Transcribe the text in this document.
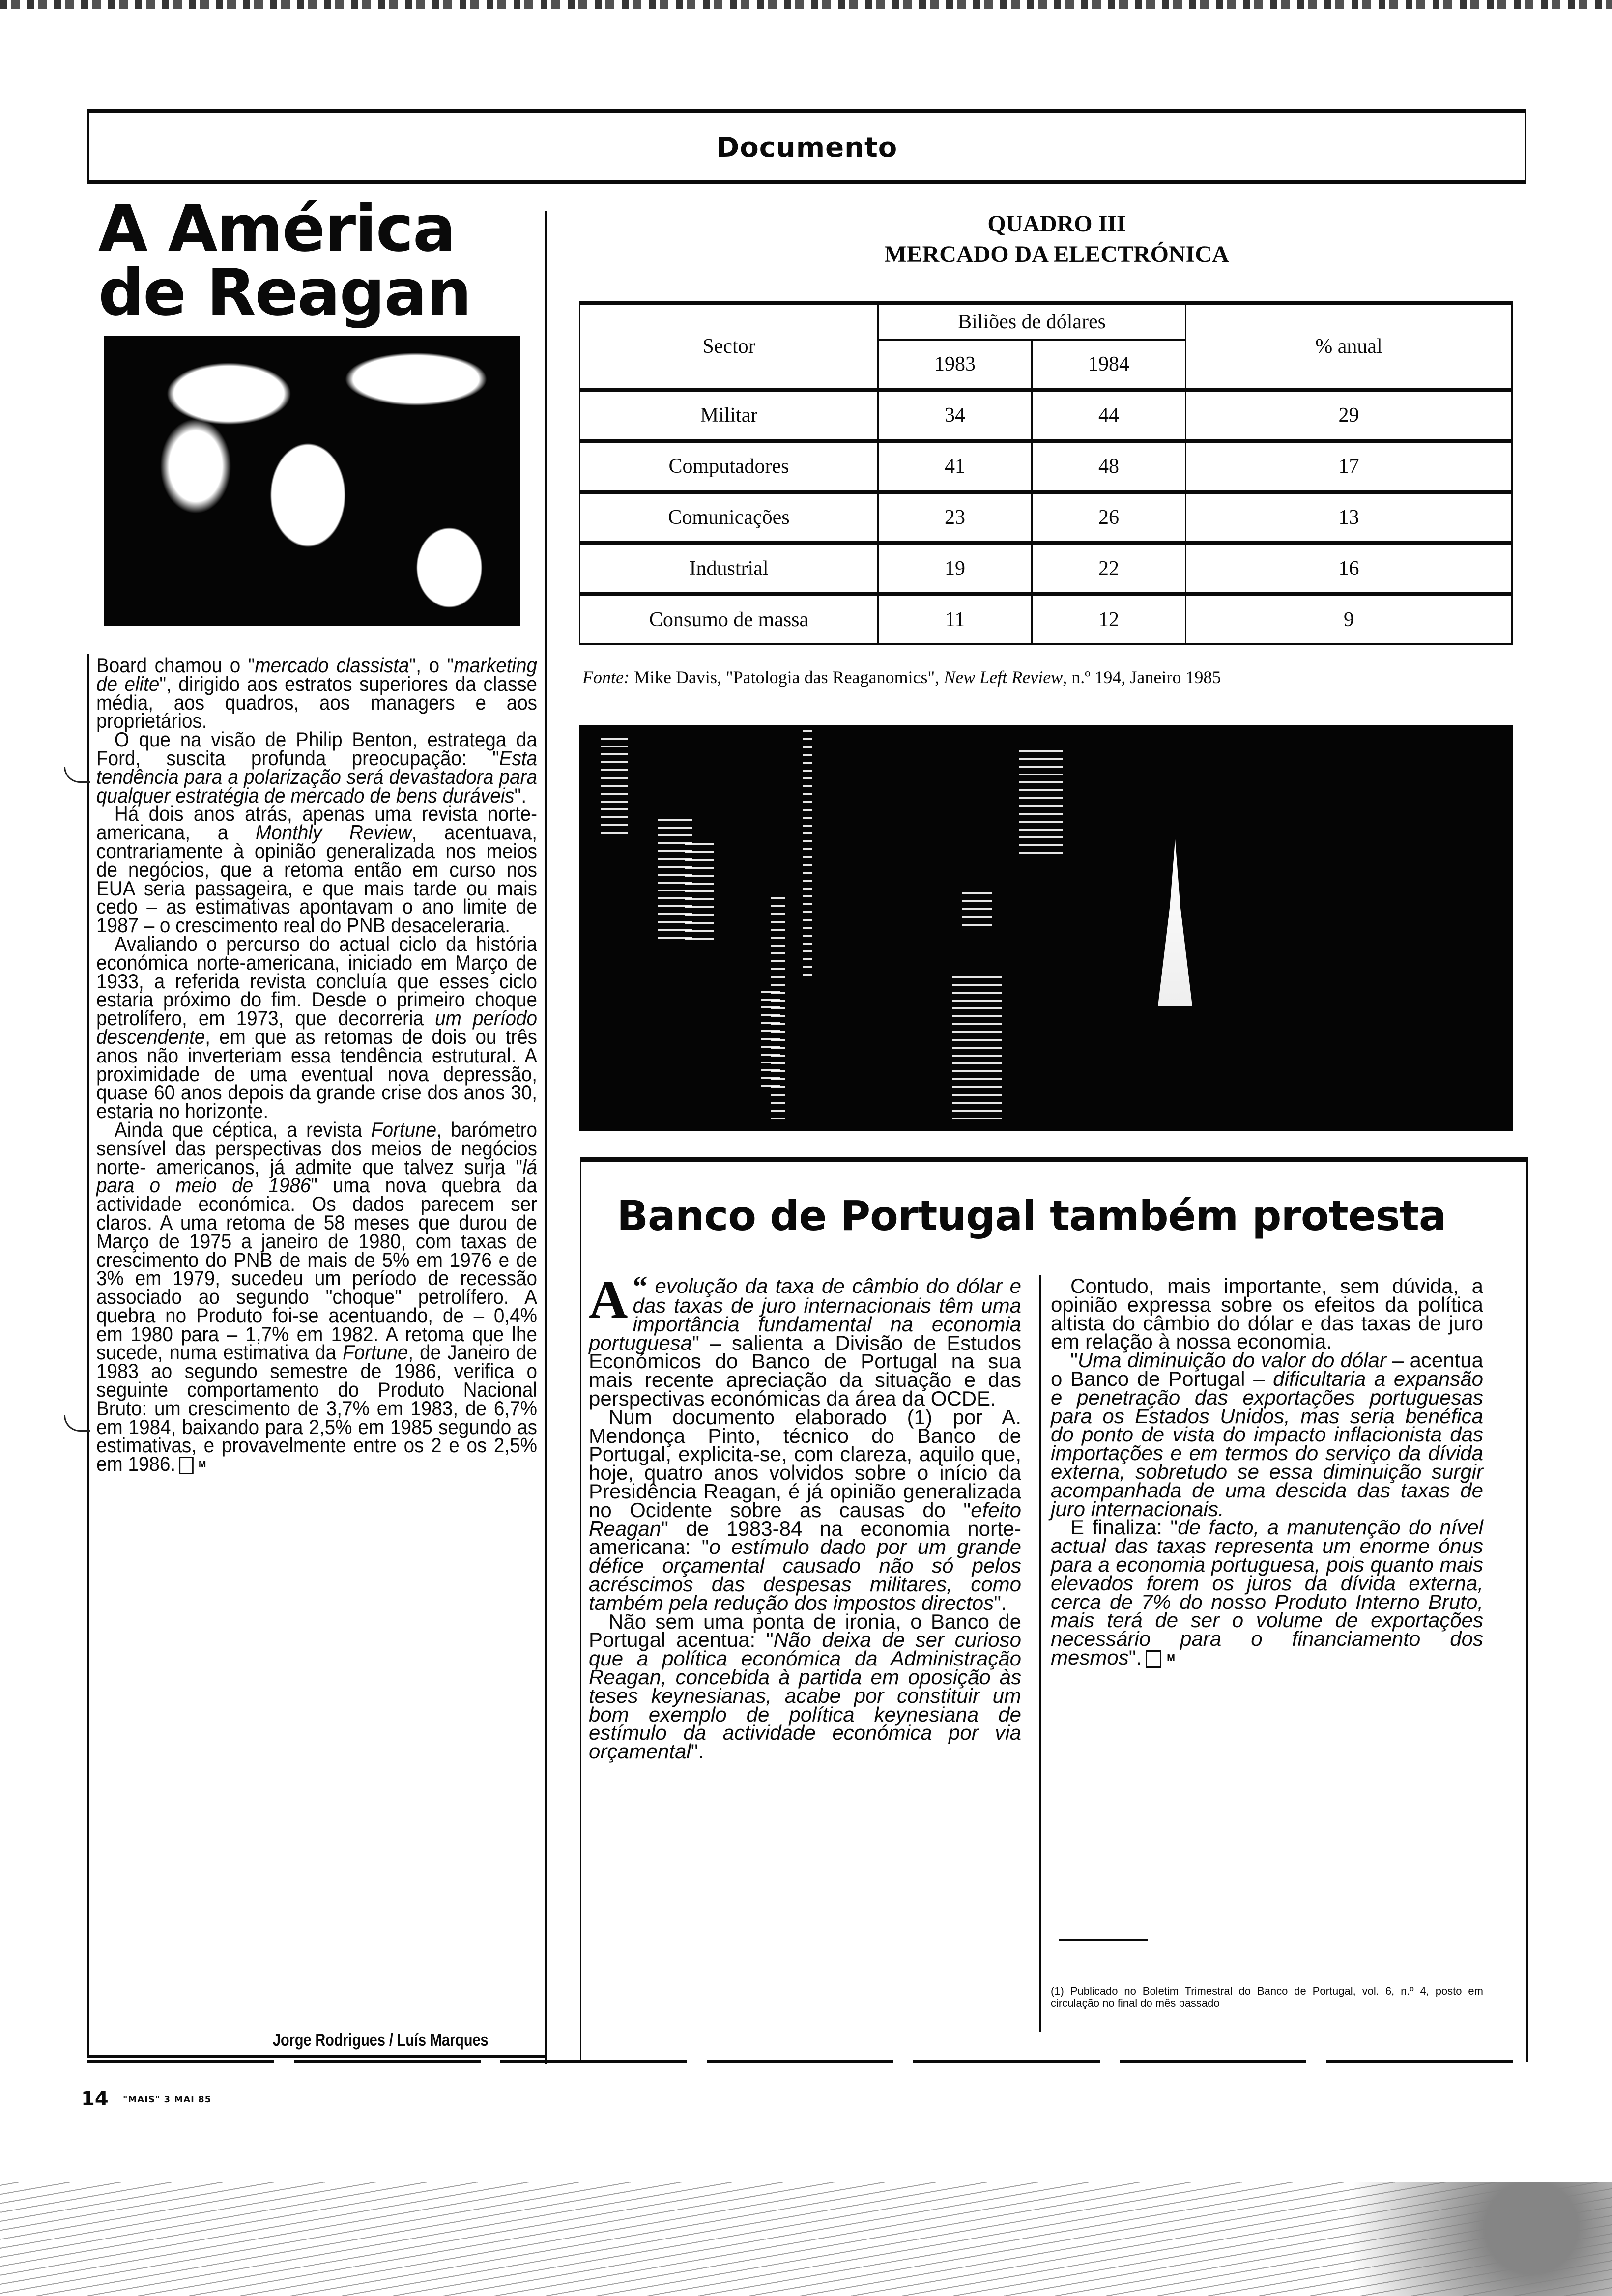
Documento
A América
de Reagan

Board chamou o "mercado classista", o "marketing de elite", dirigido aos estratos superiores da classe média, aos quadros, aos managers e aos proprietários.

O que na visão de Philip Benton, estratega da Ford, suscita profunda preocupação: "Esta tendência para a polarização será devastadora para qualquer estratégia de mercado de bens duráveis".

Há dois anos atrás, apenas uma revista norte-americana, a Monthly Review, acentuava, contrariamente à opinião generalizada nos meios de negócios, que a retoma então em curso nos EUA seria passageira, e que mais tarde ou mais cedo – as estimativas apontavam o ano limite de 1987 – o crescimento real do PNB desaceleraria.

Avaliando o percurso do actual ciclo da história económica norte-americana, iniciado em Março de 1933, a referida revista concluía que esses ciclo estaria próximo do fim. Desde o primeiro choque petrolífero, em 1973, que decorreria um período descendente, em que as retomas de dois ou três anos não inverteriam essa tendência estrutural. A proximidade de uma eventual nova depressão, quase 60 anos depois da grande crise dos anos 30, estaria no horizonte.

Ainda que céptica, a revista Fortune, barómetro sensível das perspectivas dos meios de negócios norte- americanos, já admite que talvez surja "lá para o meio de 1986" uma nova quebra da actividade económica. Os dados parecem ser claros. A uma retoma de 58 meses que durou de Março de 1975 a janeiro de 1980, com taxas de crescimento do PNB de mais de 5% em 1976 e de 3% em 1979, sucedeu um período de recessão associado ao segundo "choque" petrolífero. A quebra no Produto foi-se acentuando, de – 0,4% em 1980 para – 1,7% em 1982. A retoma que lhe sucede, numa estimativa da Fortune, de Janeiro de 1983 ao segundo semestre de 1986, verifica o seguinte comportamento do Produto Nacional Bruto: um crescimento de 3,7% em 1983, de 6,7% em 1984, baixando para 2,5% em 1985 segundo as estimativas, e provavelmente entre os 2 e os 2,5% em 1986. M

Jorge Rodrigues / Luís Marques
QUADRO III
MERCADO DA ELECTRÓNICA
Sector	Biliões de dólares		% anual
	1983	1984	
Militar	34	44	29
Computadores	41	48	17
Comunicações	23	26	13
Industrial	19	22	16
Consumo de massa	11	12	9
Fonte: Mike Davis, "Patologia das Reaganomics", New Left Review, n.º 194, Janeiro 1985
Banco de Portugal também protesta

“
A evolução da taxa de câmbio do dólar e das taxas de juro internacionais têm uma importância fundamental na economia portuguesa" – salienta a Divisão de Estudos Económicos do Banco de Portugal na sua mais recente apreciação da situação e das perspectivas económicas da área da OCDE.

Num documento elaborado (1) por A. Mendonça Pinto, técnico do Banco de Portugal, explicita-se, com clareza, aquilo que, hoje, quatro anos volvidos sobre o início da Presidência Reagan, é já opinião generalizada no Ocidente sobre as causas do "efeito Reagan" de 1983-84 na economia norte-americana: "o estímulo dado por um grande défice orçamental causado não só pelos acréscimos das despesas militares, como também pela redução dos impostos directos".

Não sem uma ponta de ironia, o Banco de Portugal acentua: "Não deixa de ser curioso que a política económica da Administração Reagan, concebida à partida em oposição às teses keynesianas, acabe por constituir um bom exemplo de política keynesiana de estímulo da actividade económica por via orçamental".

Contudo, mais importante, sem dúvida, a opinião expressa sobre os efeitos da política altista do câmbio do dólar e das taxas de juro em relação à nossa economia.

"Uma diminuição do valor do dólar – acentua o Banco de Portugal – dificultaria a expansão e penetração das exportações portuguesas para os Estados Unidos, mas seria benéfica do ponto de vista do impacto inflacionista das importações e em termos do serviço da dívida externa, sobretudo se essa diminuição surgir acompanhada de uma descida das taxas de juro internacionais.

E finaliza: "de facto, a manutenção do nível actual das taxas representa um enorme ónus para a economia portuguesa, pois quanto mais elevados forem os juros da dívida externa, cerca de 7% do nosso Produto Interno Bruto, mais terá de ser o volume de exportações necessário para o financiamento dos mesmos".	M

(1) Publicado no Boletim Trimestral do Banco de Portugal, vol. 6, n.º 4, posto em circulação no final do mês passado
14 "MAIS" 3 MAI 85
